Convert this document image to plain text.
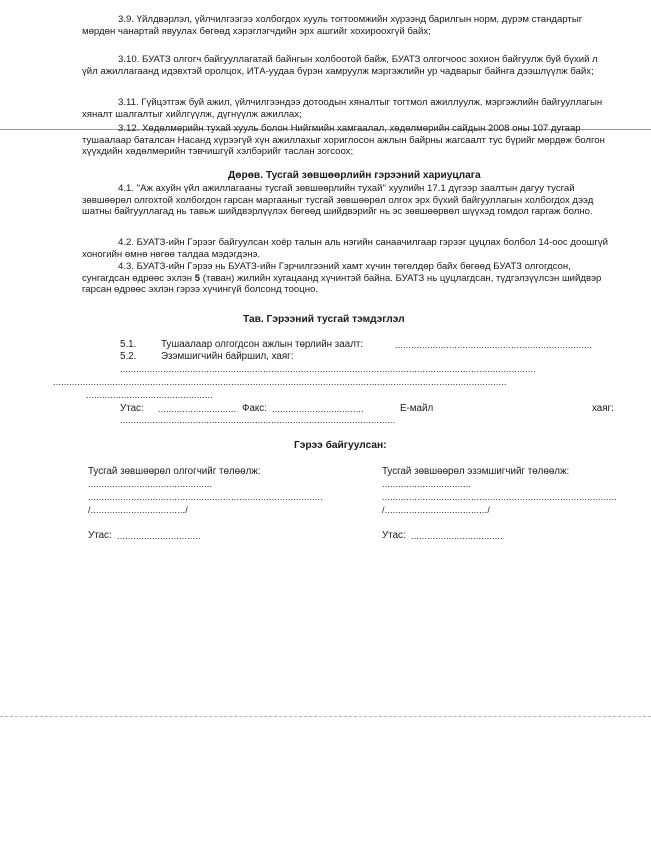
3.9. Үйлдвэрлэл, үйлчилгээгээ холбогдох хууль тогтоомжийн хүрээнд барилгын норм, дүрэм стандартыг мөрдөн чанартай явуулах бөгөөд хэрэглэгчдийн эрх ашгийг хохироохгүй байх;
3.10. БУАТЗ олгогч байгууллагатай байнгын холбоотой байж, БУАТЗ олгогчоос зохион байгуулж буй бүхий л үйл ажиллагаанд идэвхтэй оролцох, ИТА-уудаа бүрэн хамруулж мэргэжлийн ур чадварыг байнга дээшлүүлж байх;
3.11. Гүйцэтгэж буй ажил, үйлчилгээндээ дотоодын хяналтыг тогтмол ажиллуулж, мэргэжлийн байгууллагын хяналт шалгалтыг хийлгүүлж, дүгнүүлж ажиллах;
3.12. Хөдөлмөрийн тухай хууль болон Нийгмийн хамгаалал, хөдөлмөрийн сайдын 2008 оны 107 дугаар тушаалаар баталсан Насанд хүрээгүй хүн ажиллахыг хориглосон ажлын байрны жагсаалт тус бүрийг мөрдөж болгон хүүхдийн хөдөлмөрийн тэвчишгүй хэлбэрийг таслан зогсоох;
Дөрөв. Тусгай зөвшөөрлийн гэрээний хариуцлага
4.1. "Аж ахуйн үйл ажиллагааны тусгай зөвшөөрлийн тухай" хуулийн 17.1 дүгээр заалтын дагуу тусгай зөвшөөрөл олгохтой холбогдон гарсан маргааныг тусгай зөвшөөрөл олгох эрх бүхий байгууллагын холбогдох дээд шатны байгууллагад нь тавьж шийдвэрлүүлэх бөгөөд шийдвэрийг нь эс зөвшөөрвөл шүүхэд гомдол гаргаж болно.
4.2. БУАТЗ-ийн Гэрээг байгуулсан хоёр талын аль нэгийн санаачилгаар гэрээг цуцлах болбол 14-оос доошгүй хоногийн өмнө нөгөө талдаа мэдэгдэнэ.
4.3. БУАТЗ-ийн Гэрээ нь БУАТЗ-ийн Гэрчилгээний хамт хүчин төгөлдөр байх бөгөөд БУАТЗ олгогдсон, сунгагдсан өдрөөс эхлэн 5 (таван) жилийн хугацаанд хүчинтэй байна. БУАТЗ нь цуцлагдсан, түдгэлзүүлсэн шийдвэр гарсан өдрөөс эхлэн гэрээ хүчингүй болсонд тооцно.
Тав. Гэрээний тусгай тэмдэглэл
5.1.	Тушаалаар олгогдсон ажлын төрлийн заалт:	.........................................................................
5.2.	Эзэмшигчийн байршил, хаяг:
..........................................................................................................................................................
........................................................................................................................................................................
...............................................
Утас: ............................. Факс: ..................................	Е-майл	хаяг:
......................................................................................................
Гэрээ байгуулсан:
Тусгай зөвшөөрөл олгогчийг төлөөлж:
..............................................
.......................................................................................
/.................................../
Утас: ...............................
Тусгай зөвшөөрөл эзэмшигчийг төлөөлж:
.................................
.......................................................................................
/....................................../
Утас: ..................................
